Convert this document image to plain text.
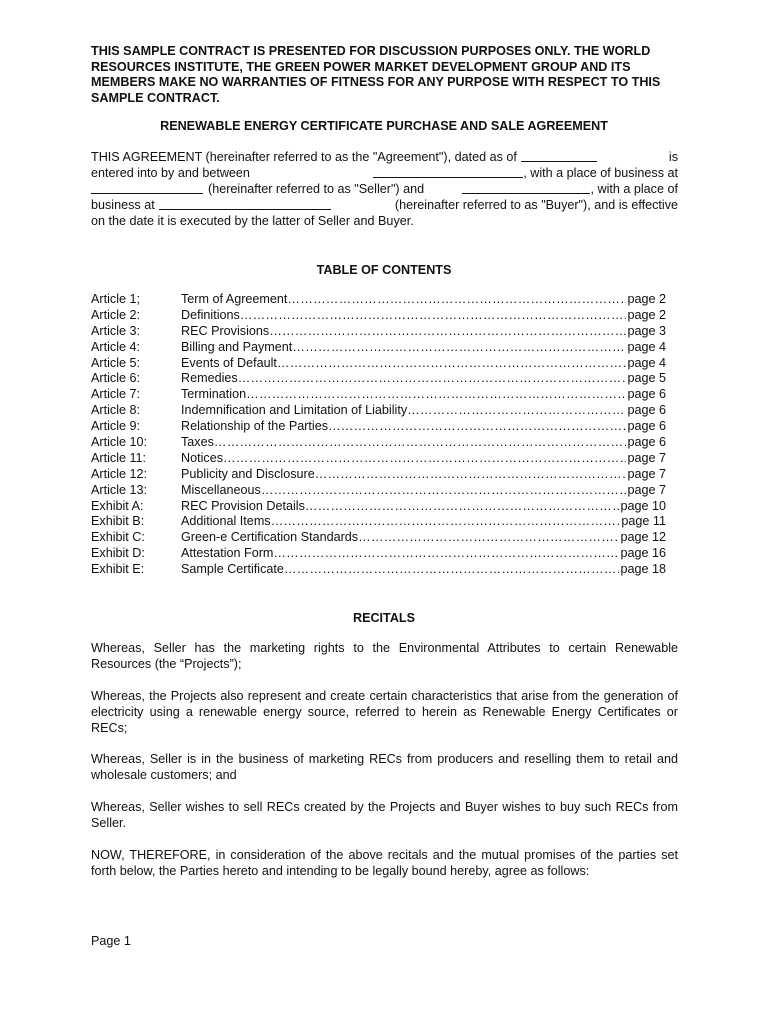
THIS SAMPLE CONTRACT IS PRESENTED FOR DISCUSSION PURPOSES ONLY. THE WORLD RESOURCES INSTITUTE, THE GREEN POWER MARKET DEVELOPMENT GROUP AND ITS MEMBERS MAKE NO WARRANTIES OF FITNESS FOR ANY PURPOSE WITH RESPECT TO THIS SAMPLE CONTRACT.
RENEWABLE ENERGY CERTIFICATE PURCHASE AND SALE AGREEMENT
THIS AGREEMENT (hereinafter referred to as the "Agreement"), dated as of	is
entered into by and between	, with a place of business at
(hereinafter referred to as "Seller") and	, with a place of
business at	(hereinafter referred to as "Buyer"), and is effective
on the date it is executed by the latter of Seller and Buyer.
TABLE OF CONTENTS
Article 1;	Term of Agreement ……………………………………………………………………………………………………………………………………………	page 2
Article 2:	Definitions ……………………………………………………………………………………………………………………………………………	page 2
Article 3:	REC Provisions ……………………………………………………………………………………………………………………………………………	page 3
Article 4:	Billing and Payment ……………………………………………………………………………………………………………………………………………	page 4
Article 5:	Events of Default ……………………………………………………………………………………………………………………………………………	page 4
Article 6:	Remedies ……………………………………………………………………………………………………………………………………………	page 5
Article 7:	Termination ……………………………………………………………………………………………………………………………………………	page 6
Article 8:	Indemnification and Limitation of Liability ……………………………………………………………………………………………………………………………………………	page 6
Article 9:	Relationship of the Parties ……………………………………………………………………………………………………………………………………………	page 6
Article 10:	Taxes ……………………………………………………………………………………………………………………………………………	page 6
Article 11:	Notices ……………………………………………………………………………………………………………………………………………	page 7
Article 12:	Publicity and Disclosure ……………………………………………………………………………………………………………………………………………	page 7
Article 13:	Miscellaneous ……………………………………………………………………………………………………………………………………………	page 7
Exhibit A:	REC Provision Details ……………………………………………………………………………………………………………………………………………	page 10
Exhibit B:	Additional Items ……………………………………………………………………………………………………………………………………………	page 11
Exhibit C:	Green-e Certification Standards ……………………………………………………………………………………………………………………………………………	page 12
Exhibit D:	Attestation Form ……………………………………………………………………………………………………………………………………………	page 16
Exhibit E:	Sample Certificate ……………………………………………………………………………………………………………………………………………	page 18
RECITALS
Whereas, Seller has the marketing rights to the Environmental Attributes to certain Renewable Resources (the “Projects”);
Whereas, the Projects also represent and create certain characteristics that arise from the generation of electricity using a renewable energy source, referred to herein as Renewable Energy Certificates or RECs;
Whereas, Seller is in the business of marketing RECs from producers and reselling them to retail and wholesale customers; and
Whereas, Seller wishes to sell RECs created by the Projects and Buyer wishes to buy such RECs from Seller.
NOW, THEREFORE, in consideration of the above recitals and the mutual promises of the parties set forth below, the Parties hereto and intending to be legally bound hereby, agree as follows:
Page 1
